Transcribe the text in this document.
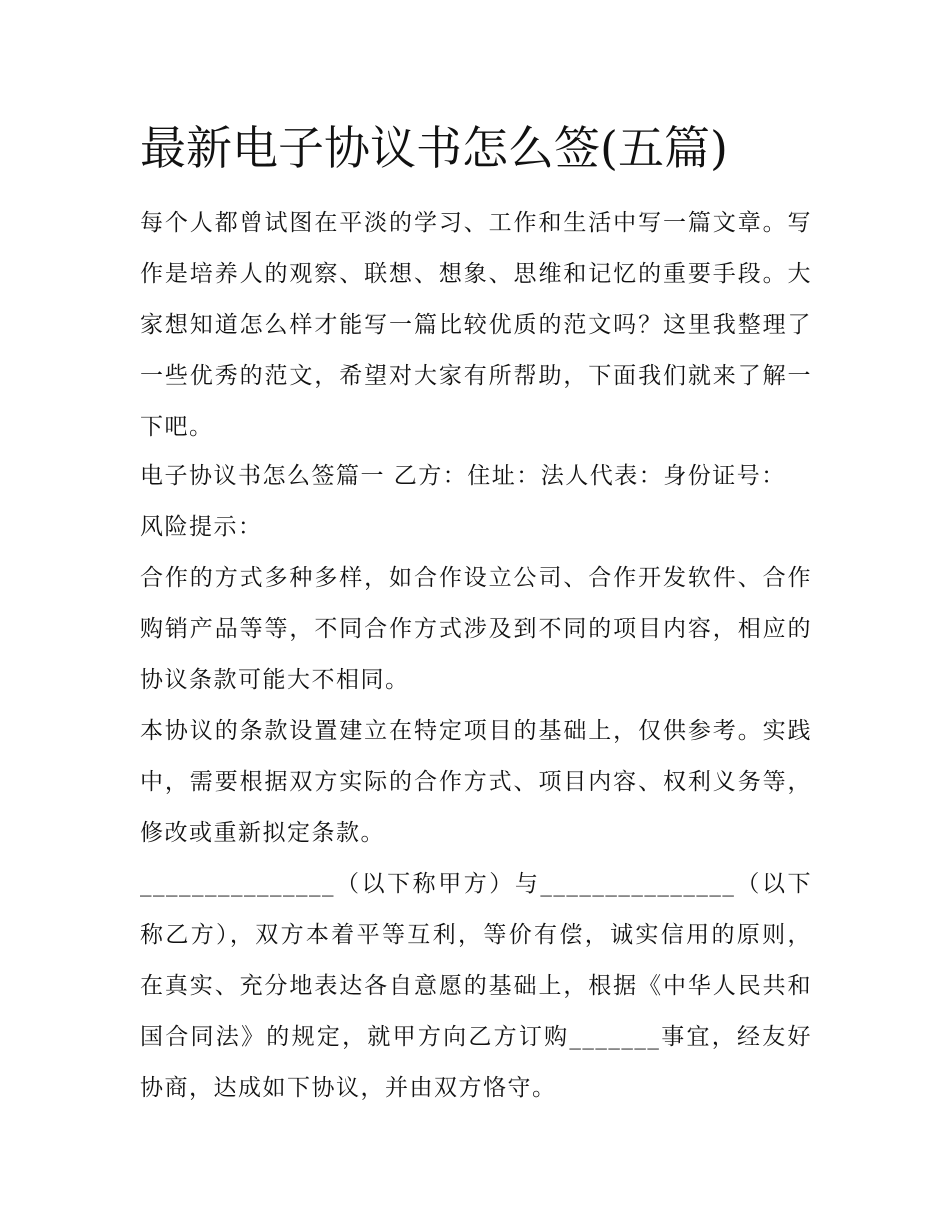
最新电子协议书怎么签(五篇)

每个人都曾试图在平淡的学习、工作和生活中写一篇文章。写作是培养人的观察、联想、想象、思维和记忆的重要手段。大家想知道怎么样才能写一篇比较优质的范文吗？这里我整理了一些优秀的范文，希望对大家有所帮助，下面我们就来了解一下吧。

电子协议书怎么签篇一 乙方：住址：法人代表：身份证号：

风险提示：

合作的方式多种多样，如合作设立公司、合作开发软件、合作购销产品等等，不同合作方式涉及到不同的项目内容，相应的协议条款可能大不相同。

本协议的条款设置建立在特定项目的基础上，仅供参考。实践中，需要根据双方实际的合作方式、项目内容、权利义务等，修改或重新拟定条款。

_______________（以下称甲方）与_______________（以下称乙方），双方本着平等互利，等价有偿，诚实信用的原则，在真实、充分地表达各自意愿的基础上，根据《中华人民共和国合同法》的规定，就甲方向乙方订购_______事宜，经友好协商，达成如下协议，并由双方恪守。
